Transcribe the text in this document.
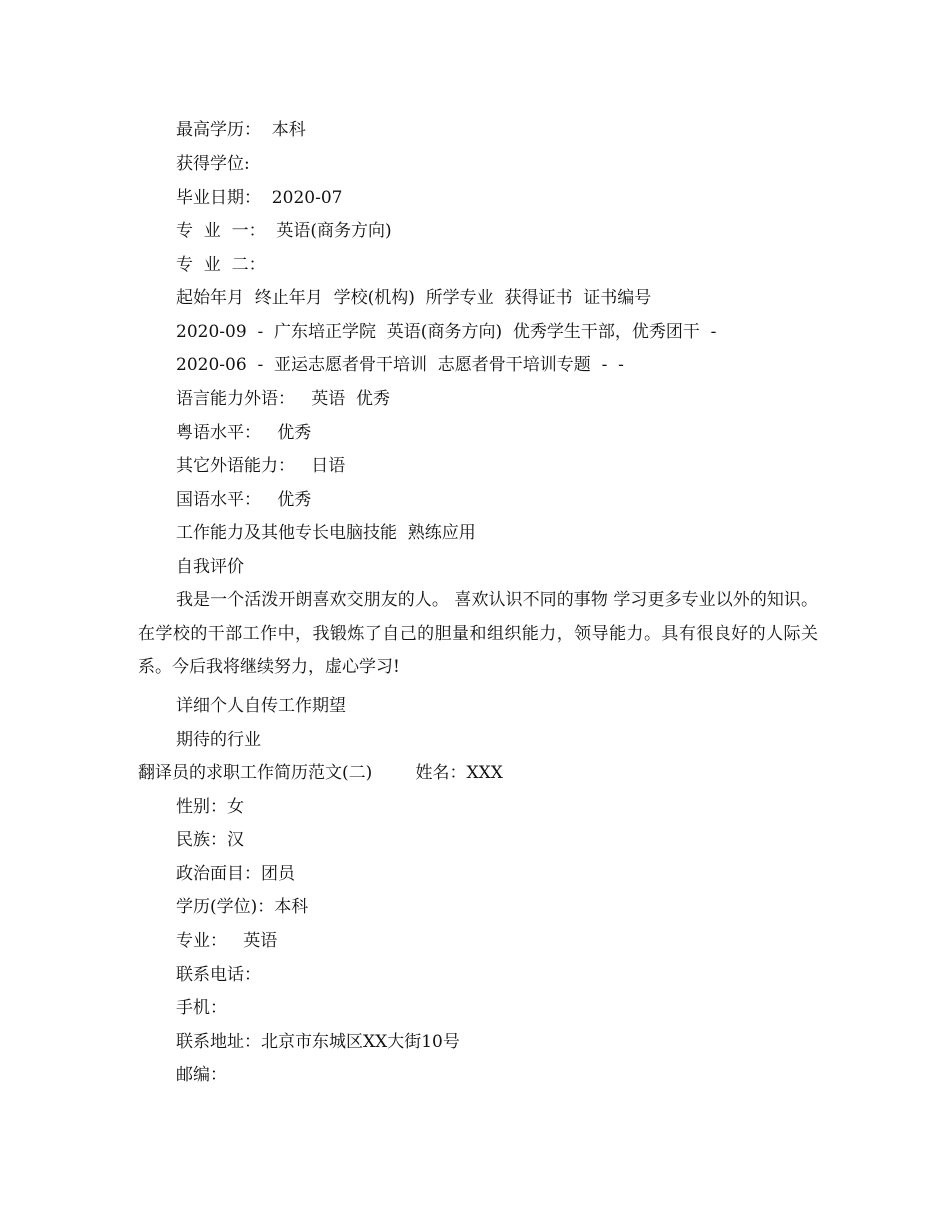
最高学历：  本科
获得学位:
毕业日期：  2020-07
专  业  一：  英语(商务方向)
专  业  二：
起始年月  终止年月  学校(机构)  所学专业  获得证书  证书编号
2020-09  -  广东培正学院  英语(商务方向)  优秀学生干部，优秀团干  -
2020-06  -  亚运志愿者骨干培训  志愿者骨干培训专题  -  -
语言能力外语：   英语  优秀
粤语水平：   优秀
其它外语能力：   日语
国语水平：   优秀
工作能力及其他专长电脑技能  熟练应用
自我评价
我是一个活泼开朗喜欢交朋友的人。 喜欢认识不同的事物 学习更多专业以外的知识。在学校的干部工作中，我锻炼了自己的胆量和组织能力，领导能力。具有很良好的人际关系。今后我将继续努力，虚心学习!
详细个人自传工作期望
期待的行业
翻译员的求职工作简历范文(二)        姓名：XXX
性别：女
民族：汉
政治面目：团员
学历(学位)：本科
专业：   英语
联系电话：
手机：
联系地址：北京市东城区XX大街10号
邮编：
